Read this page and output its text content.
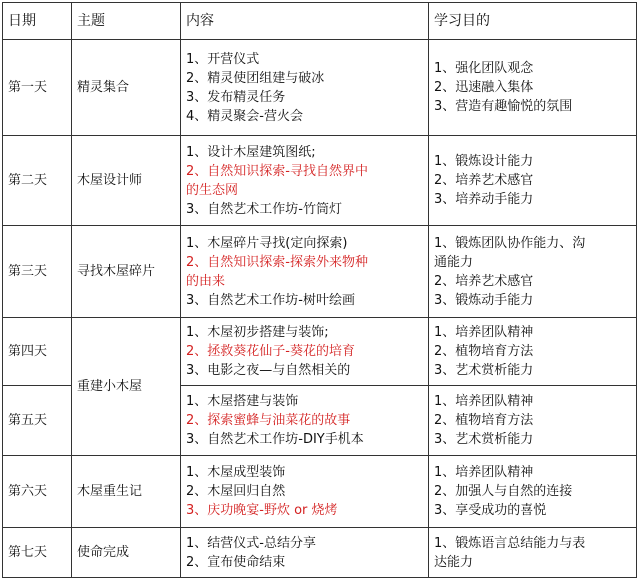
日期	主题	内容	学习目的
第一天	精灵集合	1、开营仪式
2、精灵使团组建与破冰
3、发布精灵任务
4、精灵聚会-营火会	1、强化团队观念
2、迅速融入集体
3、营造有趣愉悦的氛围

第二天	木屋设计师	1、设计木屋建筑图纸;
2、自然知识探索-寻找自然界中
的生态网
3、自然艺术工作坊-竹筒灯	1、锻炼设计能力
2、培养艺术感官
3、培养动手能力

第三天	寻找木屋碎片	1、木屋碎片寻找(定向探索)
2、自然知识探索-探索外来物种
的由来
3、自然艺术工作坊-树叶绘画	1、锻炼团队协作能力、沟
通能力
2、培养艺术感官
3、锻炼动手能力

第四天	重建小木屋	1、木屋初步搭建与装饰;
2、拯救葵花仙子-葵花的培育
3、电影之夜—与自然相关的	1、培养团队精神
2、植物培育方法
3、艺术赏析能力

第五天		1、木屋搭建与装饰
2、探索蜜蜂与油菜花的故事
3、自然艺术工作坊-DIY手机本	1、培养团队精神
2、植物培育方法
3、艺术赏析能力

第六天	木屋重生记	1、木屋成型装饰
2、木屋回归自然
3、庆功晚宴-野炊 or 烧烤	1、培养团队精神
2、加强人与自然的连接
3、享受成功的喜悦

第七天	使命完成	1、结营仪式-总结分享
2、宣布使命结束	1、锻炼语言总结能力与表
达能力
